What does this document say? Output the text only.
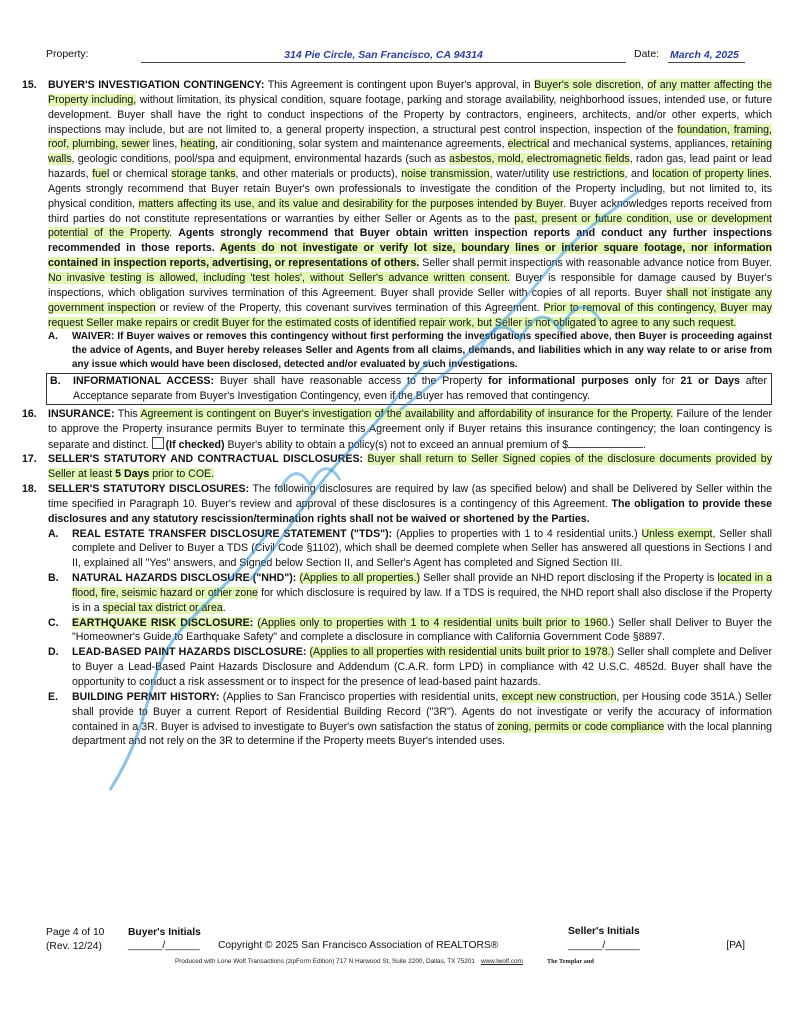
Property:	314 Pie Circle, San Francisco, CA 94314	Date: March 4, 2025
15. BUYER'S INVESTIGATION CONTINGENCY: This Agreement is contingent upon Buyer's approval, in Buyer's sole discretion, of any matter affecting the Property including, without limitation, its physical condition, square footage, parking and storage availability, neighborhood issues, intended use, or future development. Buyer shall have the right to conduct inspections of the Property by contractors, engineers, architects, and/or other experts, which inspections may include, but are not limited to, a general property inspection, a structural pest control inspection, inspection of the foundation, framing, roof, plumbing, sewer lines, heating, air conditioning, solar system and maintenance agreements, electrical and mechanical systems, appliances, retaining walls, geologic conditions, pool/spa and equipment, environmental hazards (such as asbestos, mold, electromagnetic fields, radon gas, lead paint or lead hazards, fuel or chemical storage tanks, and other materials or products), noise transmission, water/utility use restrictions, and location of property lines. Agents strongly recommend that Buyer retain Buyer's own professionals to investigate the condition of the Property including, but not limited to, its physical condition, matters affecting its use, and its value and desirability for the purposes intended by Buyer. Buyer acknowledges reports received from third parties do not constitute representations or warranties by either Seller or Agents as to the past, present or future condition, use or development potential of the Property. Agents strongly recommend that Buyer obtain written inspection reports and conduct any further inspections recommended in those reports. Agents do not investigate or verify lot size, boundary lines or interior square footage, nor information contained in inspection reports, advertising, or representations of others. Seller shall permit inspections with reasonable advance notice from Buyer. No invasive testing is allowed, including 'test holes', without Seller's advance written consent. Buyer is responsible for damage caused by Buyer's inspections, which obligation survives termination of this Agreement. Buyer shall provide Seller with copies of all reports. Buyer shall not instigate any government inspection or review of the Property, this covenant survives termination of this Agreement. Prior to removal of this contingency, Buyer may request Seller make repairs or credit Buyer for the estimated costs of identified repair work, but Seller is not obligated to agree to any such request.
A. WAIVER: If Buyer waives or removes this contingency without first performing the investigations specified above, then Buyer is proceeding against the advice of Agents, and Buyer hereby releases Seller and Agents from all claims, demands, and liabilities which in any way relate to or arise from any issue which would have been disclosed, detected and/or evaluated by such investigations.
B. INFORMATIONAL ACCESS: Buyer shall have reasonable access to the Property for informational purposes only for 21 or Days after Acceptance separate from Buyer's Investigation Contingency, even if the Buyer has removed that contingency.
16. INSURANCE: This Agreement is contingent on Buyer's investigation of the availability and affordability of insurance for the Property. Failure of the lender to approve the Property insurance permits Buyer to terminate this Agreement only if Buyer retains this insurance contingency; the loan contingency is separate and distinct. (If checked) Buyer's ability to obtain a policy(s) not to exceed an annual premium of $	.
17. SELLER'S STATUTORY AND CONTRACTUAL DISCLOSURES: Buyer shall return to Seller Signed copies of the disclosure documents provided by Seller at least 5 Days prior to COE.
18. SELLER'S STATUTORY DISCLOSURES: The following disclosures are required by law (as specified below) and shall be Delivered by Seller within the time specified in Paragraph 10. Buyer's review and approval of these disclosures is a contingency of this Agreement. The obligation to provide these disclosures and any statutory rescission/termination rights shall not be waived or shortened by the Parties.
A. REAL ESTATE TRANSFER DISCLOSURE STATEMENT ("TDS"): (Applies to properties with 1 to 4 residential units.) Unless exempt, Seller shall complete and Deliver to Buyer a TDS (Civil Code §1102), which shall be deemed complete when Seller has answered all questions in Sections I and II, explained all "Yes" answers, and Signed below Section II, and Seller's Agent has completed and Signed Section III.
B. NATURAL HAZARDS DISCLOSURE ("NHD"): (Applies to all properties.) Seller shall provide an NHD report disclosing if the Property is located in a flood, fire, seismic hazard or other zone for which disclosure is required by law. If a TDS is required, the NHD report shall also disclose if the Property is in a special tax district or area.
C. EARTHQUAKE RISK DISCLOSURE: (Applies only to properties with 1 to 4 residential units built prior to 1960.) Seller shall Deliver to Buyer the "Homeowner's Guide to Earthquake Safety" and complete a disclosure in compliance with California Government Code §8897.
D. LEAD-BASED PAINT HAZARDS DISCLOSURE: (Applies to all properties with residential units built prior to 1978.) Seller shall complete and Deliver to Buyer a Lead-Based Paint Hazards Disclosure and Addendum (C.A.R. form LPD) in compliance with 42 U.S.C. 4852d. Buyer shall have the opportunity to conduct a risk assessment or to inspect for the presence of lead-based paint hazards.
E. BUILDING PERMIT HISTORY: (Applies to San Francisco properties with residential units, except new construction, per Housing code 351A.) Seller shall provide to Buyer a current Report of Residential Building Record ("3R"). Agents do not investigate or verify the accuracy of information contained in a 3R. Buyer is advised to investigate to Buyer's own satisfaction the status of zoning, permits or code compliance with the local planning department and not rely on the 3R to determine if the Property meets Buyer's intended uses.
Page 4 of 10
(Rev. 12/24)
Buyer's Initials
______/______ Copyright © 2025 San Francisco Association of REALTORS®
Seller's Initials
______/______	[PA]
Produced with Lone Wolf Transactions (zipForm Edition) 717 N Harwood St, Suite 2200, Dallas, TX 75201 www.lwolf.com	The Templar and
